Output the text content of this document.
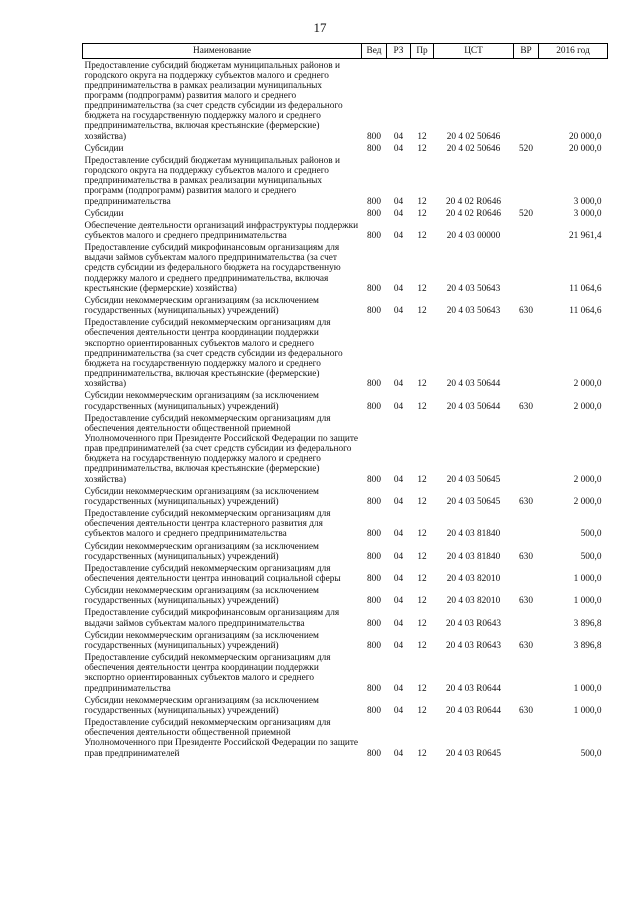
17
Наименование	Вед	РЗ	Пр	ЦСТ	ВР	2016 год
Предоставление субсидий бюджетам муниципальных районов и городского округа на поддержку субъектов малого и среднего предпринимательства в рамках реализации муниципальных программ (подпрограмм) развития малого и среднего предпринимательства (за счет средств субсидии из федерального бюджета на государственную поддержку малого и среднего предпринимательства, включая крестьянские (фермерские) хозяйства)	800	04	12	20 4 02 50646		20 000,0
Субсидии	800	04	12	20 4 02 50646	520	20 000,0
Предоставление субсидий бюджетам муниципальных районов и городского округа на поддержку субъектов малого и среднего предпринимательства в рамках реализации муниципальных программ (подпрограмм) развития малого и среднего предпринимательства	800	04	12	20 4 02 R0646		3 000,0
Субсидии	800	04	12	20 4 02 R0646	520	3 000,0
Обеспечение деятельности организаций инфраструктуры поддержки субъектов малого и среднего предпринимательства	800	04	12	20 4 03 00000		21 961,4
Предоставление субсидий микрофинансовым организациям для выдачи займов субъектам малого предпринимательства (за счет средств субсидии из федерального бюджета на государственную поддержку малого и среднего предпринимательства, включая крестьянские (фермерские) хозяйства)	800	04	12	20 4 03 50643		11 064,6
Субсидии некоммерческим организациям (за исключением государственных (муниципальных) учреждений)	800	04	12	20 4 03 50643	630	11 064,6
Предоставление субсидий некоммерческим организациям для обеспечения деятельности центра координации поддержки экспортно ориентированных субъектов малого и среднего предпринимательства (за счет средств субсидии из федерального бюджета на государственную поддержку малого и среднего предпринимательства, включая крестьянские (фермерские) хозяйства)	800	04	12	20 4 03 50644		2 000,0
Субсидии некоммерческим организациям (за исключением государственных (муниципальных) учреждений)	800	04	12	20 4 03 50644	630	2 000,0
Предоставление субсидий некоммерческим организациям для обеспечения деятельности общественной приемной Уполномоченного при Президенте Российской Федерации по защите прав предпринимателей (за счет средств субсидии из федерального бюджета на государственную поддержку малого и среднего предпринимательства, включая крестьянские (фермерские) хозяйства)	800	04	12	20 4 03 50645		2 000,0
Субсидии некоммерческим организациям (за исключением государственных (муниципальных) учреждений)	800	04	12	20 4 03 50645	630	2 000,0
Предоставление субсидий некоммерческим организациям для обеспечения деятельности центра кластерного развития для субъектов малого и среднего предпринимательства	800	04	12	20 4 03 81840		500,0
Субсидии некоммерческим организациям (за исключением государственных (муниципальных) учреждений)	800	04	12	20 4 03 81840	630	500,0
Предоставление субсидий некоммерческим организациям для обеспечения деятельности центра инноваций социальной сферы	800	04	12	20 4 03 82010		1 000,0
Субсидии некоммерческим организациям (за исключением государственных (муниципальных) учреждений)	800	04	12	20 4 03 82010	630	1 000,0
Предоставление субсидий микрофинансовым организациям для выдачи займов субъектам малого предпринимательства	800	04	12	20 4 03 R0643		3 896,8
Субсидии некоммерческим организациям (за исключением государственных (муниципальных) учреждений)	800	04	12	20 4 03 R0643	630	3 896,8
Предоставление субсидий некоммерческим организациям для обеспечения деятельности центра координации поддержки экспортно ориентированных субъектов малого и среднего предпринимательства	800	04	12	20 4 03 R0644		1 000,0
Субсидии некоммерческим организациям (за исключением государственных (муниципальных) учреждений)	800	04	12	20 4 03 R0644	630	1 000,0
Предоставление субсидий некоммерческим организациям для обеспечения деятельности общественной приемной Уполномоченного при Президенте Российской Федерации по защите прав предпринимателей	800	04	12	20 4 03 R0645		500,0
